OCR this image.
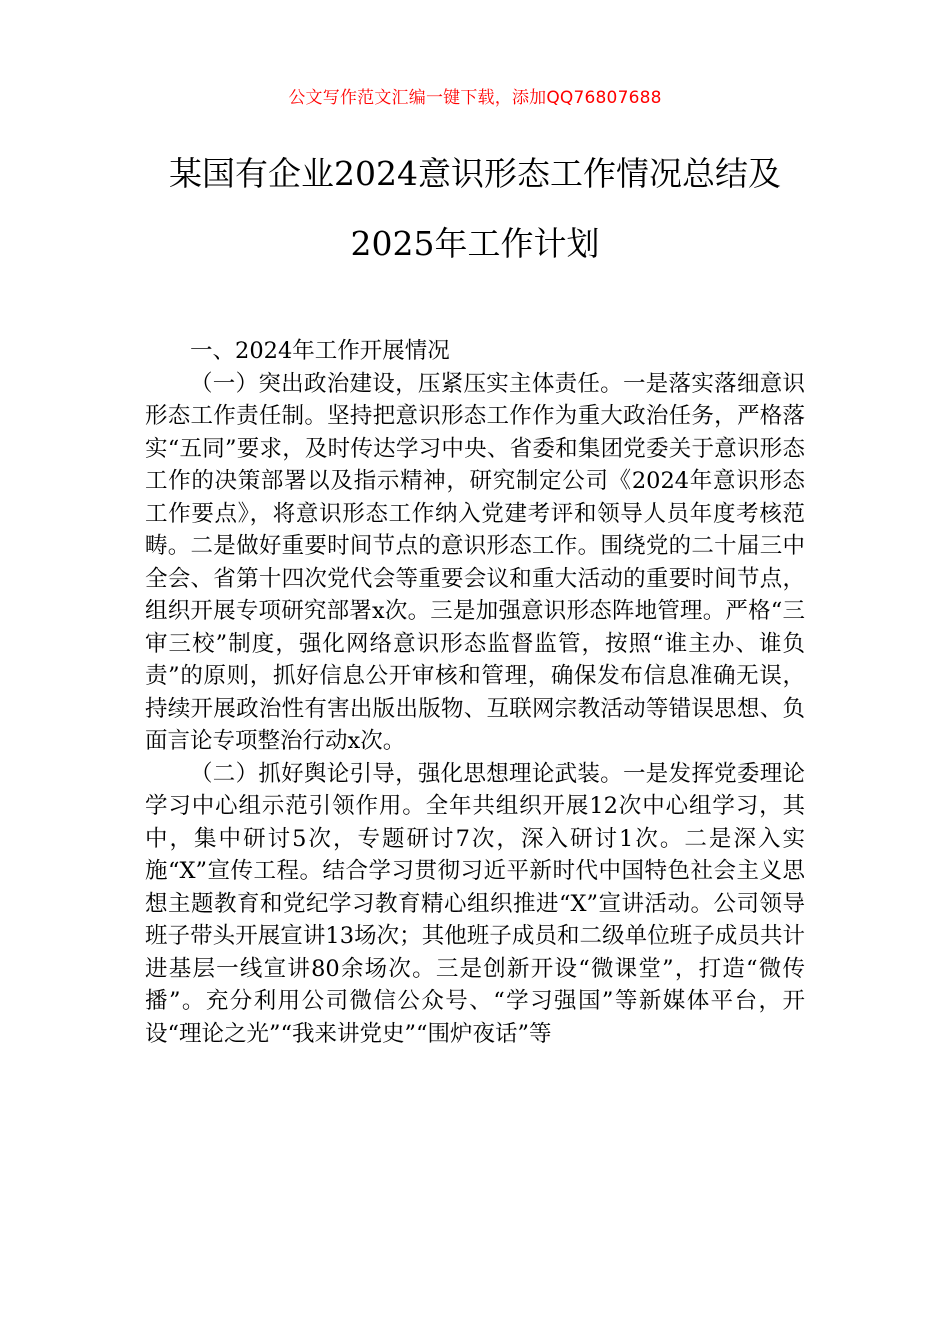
公文写作范文汇编一键下载，添加QQ76807688
某国有企业2024意识形态工作情况总结及
2025年工作计划

一、2024年工作开展情况

（一）突出政治建设，压紧压实主体责任。一是落实落细意识形态工作责任制。坚持把意识形态工作作为重大政治任务，严格落实“五同”要求，及时传达学习中央、省委和集团党委关于意识形态工作的决策部署以及指示精神，研究制定公司《2024年意识形态工作要点》，将意识形态工作纳入党建考评和领导人员年度考核范畴。二是做好重要时间节点的意识形态工作。围绕党的二十届三中全会、省第十四次党代会等重要会议和重大活动的重要时间节点，组织开展专项研究部署x次。三是加强意识形态阵地管理。严格“三审三校”制度，强化网络意识形态监督监管，按照“谁主办、谁负责”的原则，抓好信息公开审核和管理，确保发布信息准确无误，持续开展政治性有害出版出版物、互联网宗教活动等错误思想、负面言论专项整治行动x次。

（二）抓好舆论引导，强化思想理论武装。一是发挥党委理论学习中心组示范引领作用。全年共组织开展12次中心组学习，其中，集中研讨5次，专题研讨7次，深入研讨1次。二是深入实施“X”宣传工程。结合学习贯彻习近平新时代中国特色社会主义思想主题教育和党纪学习教育精心组织推进“X”宣讲活动。公司领导班子带头开展宣讲13场次；其他班子成员和二级单位班子成员共计进基层一线宣讲80余场次。三是创新开设“微课堂”，打造“微传播”。充分利用公司微信公众号、“学习强国”等新媒体平台，开设“理论之光”“我来讲党史”“围炉夜话”等
